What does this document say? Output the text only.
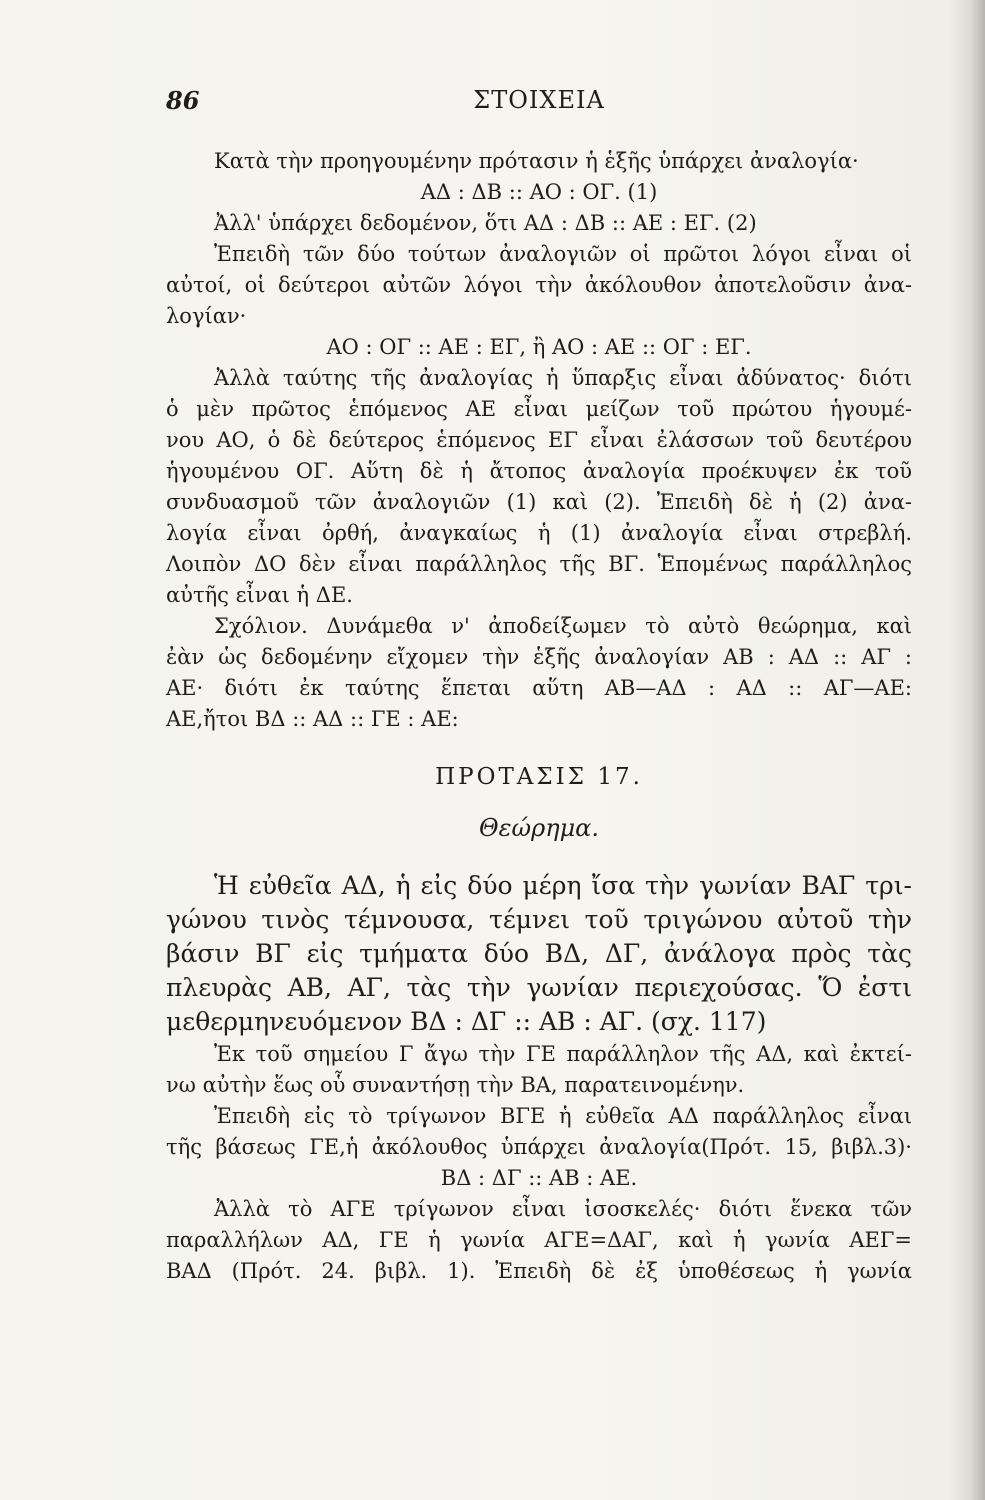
86	ΣΤΟΙΧΕΙΑ
Κατὰ τὴν προηγουμένην πρότασιν ἡ ἑξῆς ὑπάρχει ἀναλογία·
ΑΔ : ΔΒ :: ΑΟ : ΟΓ. (1)
Ἀλλ' ὑπάρχει δεδομένον, ὅτι ΑΔ : ΔΒ :: ΑΕ : ΕΓ. (2)
Ἐπειδὴ τῶν δύο τούτων ἀναλογιῶν οἱ πρῶτοι λόγοι εἶναι οἱ
αὐτοί, οἱ δεύτεροι αὐτῶν λόγοι τὴν ἀκόλουθον ἀποτελοῦσιν ἀνα-
λογίαν·
ΑΟ : ΟΓ :: ΑΕ : ΕΓ, ἢ ΑΟ : ΑΕ :: ΟΓ : ΕΓ.
Ἀλλὰ ταύτης τῆς ἀναλογίας ἡ ὕπαρξις εἶναι ἀδύνατος· διότι
ὁ μὲν πρῶτος ἑπόμενος ΑΕ εἶναι μείζων τοῦ πρώτου ἡγουμέ-
νου ΑΟ, ὁ δὲ δεύτερος ἑπόμενος ΕΓ εἶναι ἐλάσσων τοῦ δευτέρου
ἡγουμένου ΟΓ. Αὕτη δὲ ἡ ἄτοπος ἀναλογία προέκυψεν ἐκ τοῦ
συνδυασμοῦ τῶν ἀναλογιῶν (1) καὶ (2). Ἐπειδὴ δὲ ἡ (2) ἀνα-
λογία εἶναι ὀρθή, ἀναγκαίως ἡ (1) ἀναλογία εἶναι στρεβλή.
Λοιπὸν ΔΟ δὲν εἶναι παράλληλος τῆς ΒΓ. Ἑπομένως παράλληλος
αὐτῆς εἶναι ἡ ΔΕ.
Σχόλιον. Δυνάμεθα ν' ἀποδείξωμεν τὸ αὐτὸ θεώρημα, καὶ
ἐὰν ὡς δεδομένην εἴχομεν τὴν ἑξῆς ἀναλογίαν ΑΒ : ΑΔ :: ΑΓ :
ΑΕ· διότι ἐκ ταύτης ἕπεται αὕτη ΑΒ—ΑΔ : ΑΔ :: ΑΓ—ΑΕ:
ΑΕ,ἤτοι ΒΔ :: ΑΔ :: ΓΕ : ΑΕ:
ΠΡΟΤΑΣΙΣ 17.
Θεώρημα.
Ἡ εὐθεῖα ΑΔ, ἡ εἰς δύο μέρη ἴσα τὴν γωνίαν ΒΑΓ τρι-
γώνου τινὸς τέμνουσα, τέμνει τοῦ τριγώνου αὐτοῦ τὴν
βάσιν ΒΓ εἰς τμήματα δύο ΒΔ, ΔΓ, ἀνάλογα πρὸς τὰς
πλευρὰς ΑΒ, ΑΓ, τὰς τὴν γωνίαν περιεχούσας. Ὅ ἐστι
μεθερμηνευόμενον ΒΔ : ΔΓ :: ΑΒ : ΑΓ. (σχ. 117)
Ἐκ τοῦ σημείου Γ ἄγω τὴν ΓΕ παράλληλον τῆς ΑΔ, καὶ ἐκτεί-
νω αὐτὴν ἕως οὗ συναντήσῃ τὴν ΒΑ, παρατεινομένην.
Ἐπειδὴ εἰς τὸ τρίγωνον ΒΓΕ ἡ εὐθεῖα ΑΔ παράλληλος εἶναι
τῆς βάσεως ΓΕ,ἡ ἀκόλουθος ὑπάρχει ἀναλογία(Πρότ. 15, βιβλ.3)·
ΒΔ : ΔΓ :: ΑΒ : ΑΕ.
Ἀλλὰ τὸ ΑΓΕ τρίγωνον εἶναι ἰσοσκελές· διότι ἕνεκα τῶν
παραλλήλων ΑΔ, ΓΕ ἡ γωνία ΑΓΕ=ΔΑΓ, καὶ ἡ γωνία ΑΕΓ=
ΒΑΔ (Πρότ. 24. βιβλ. 1). Ἐπειδὴ δὲ ἐξ ὑποθέσεως ἡ γωνία
